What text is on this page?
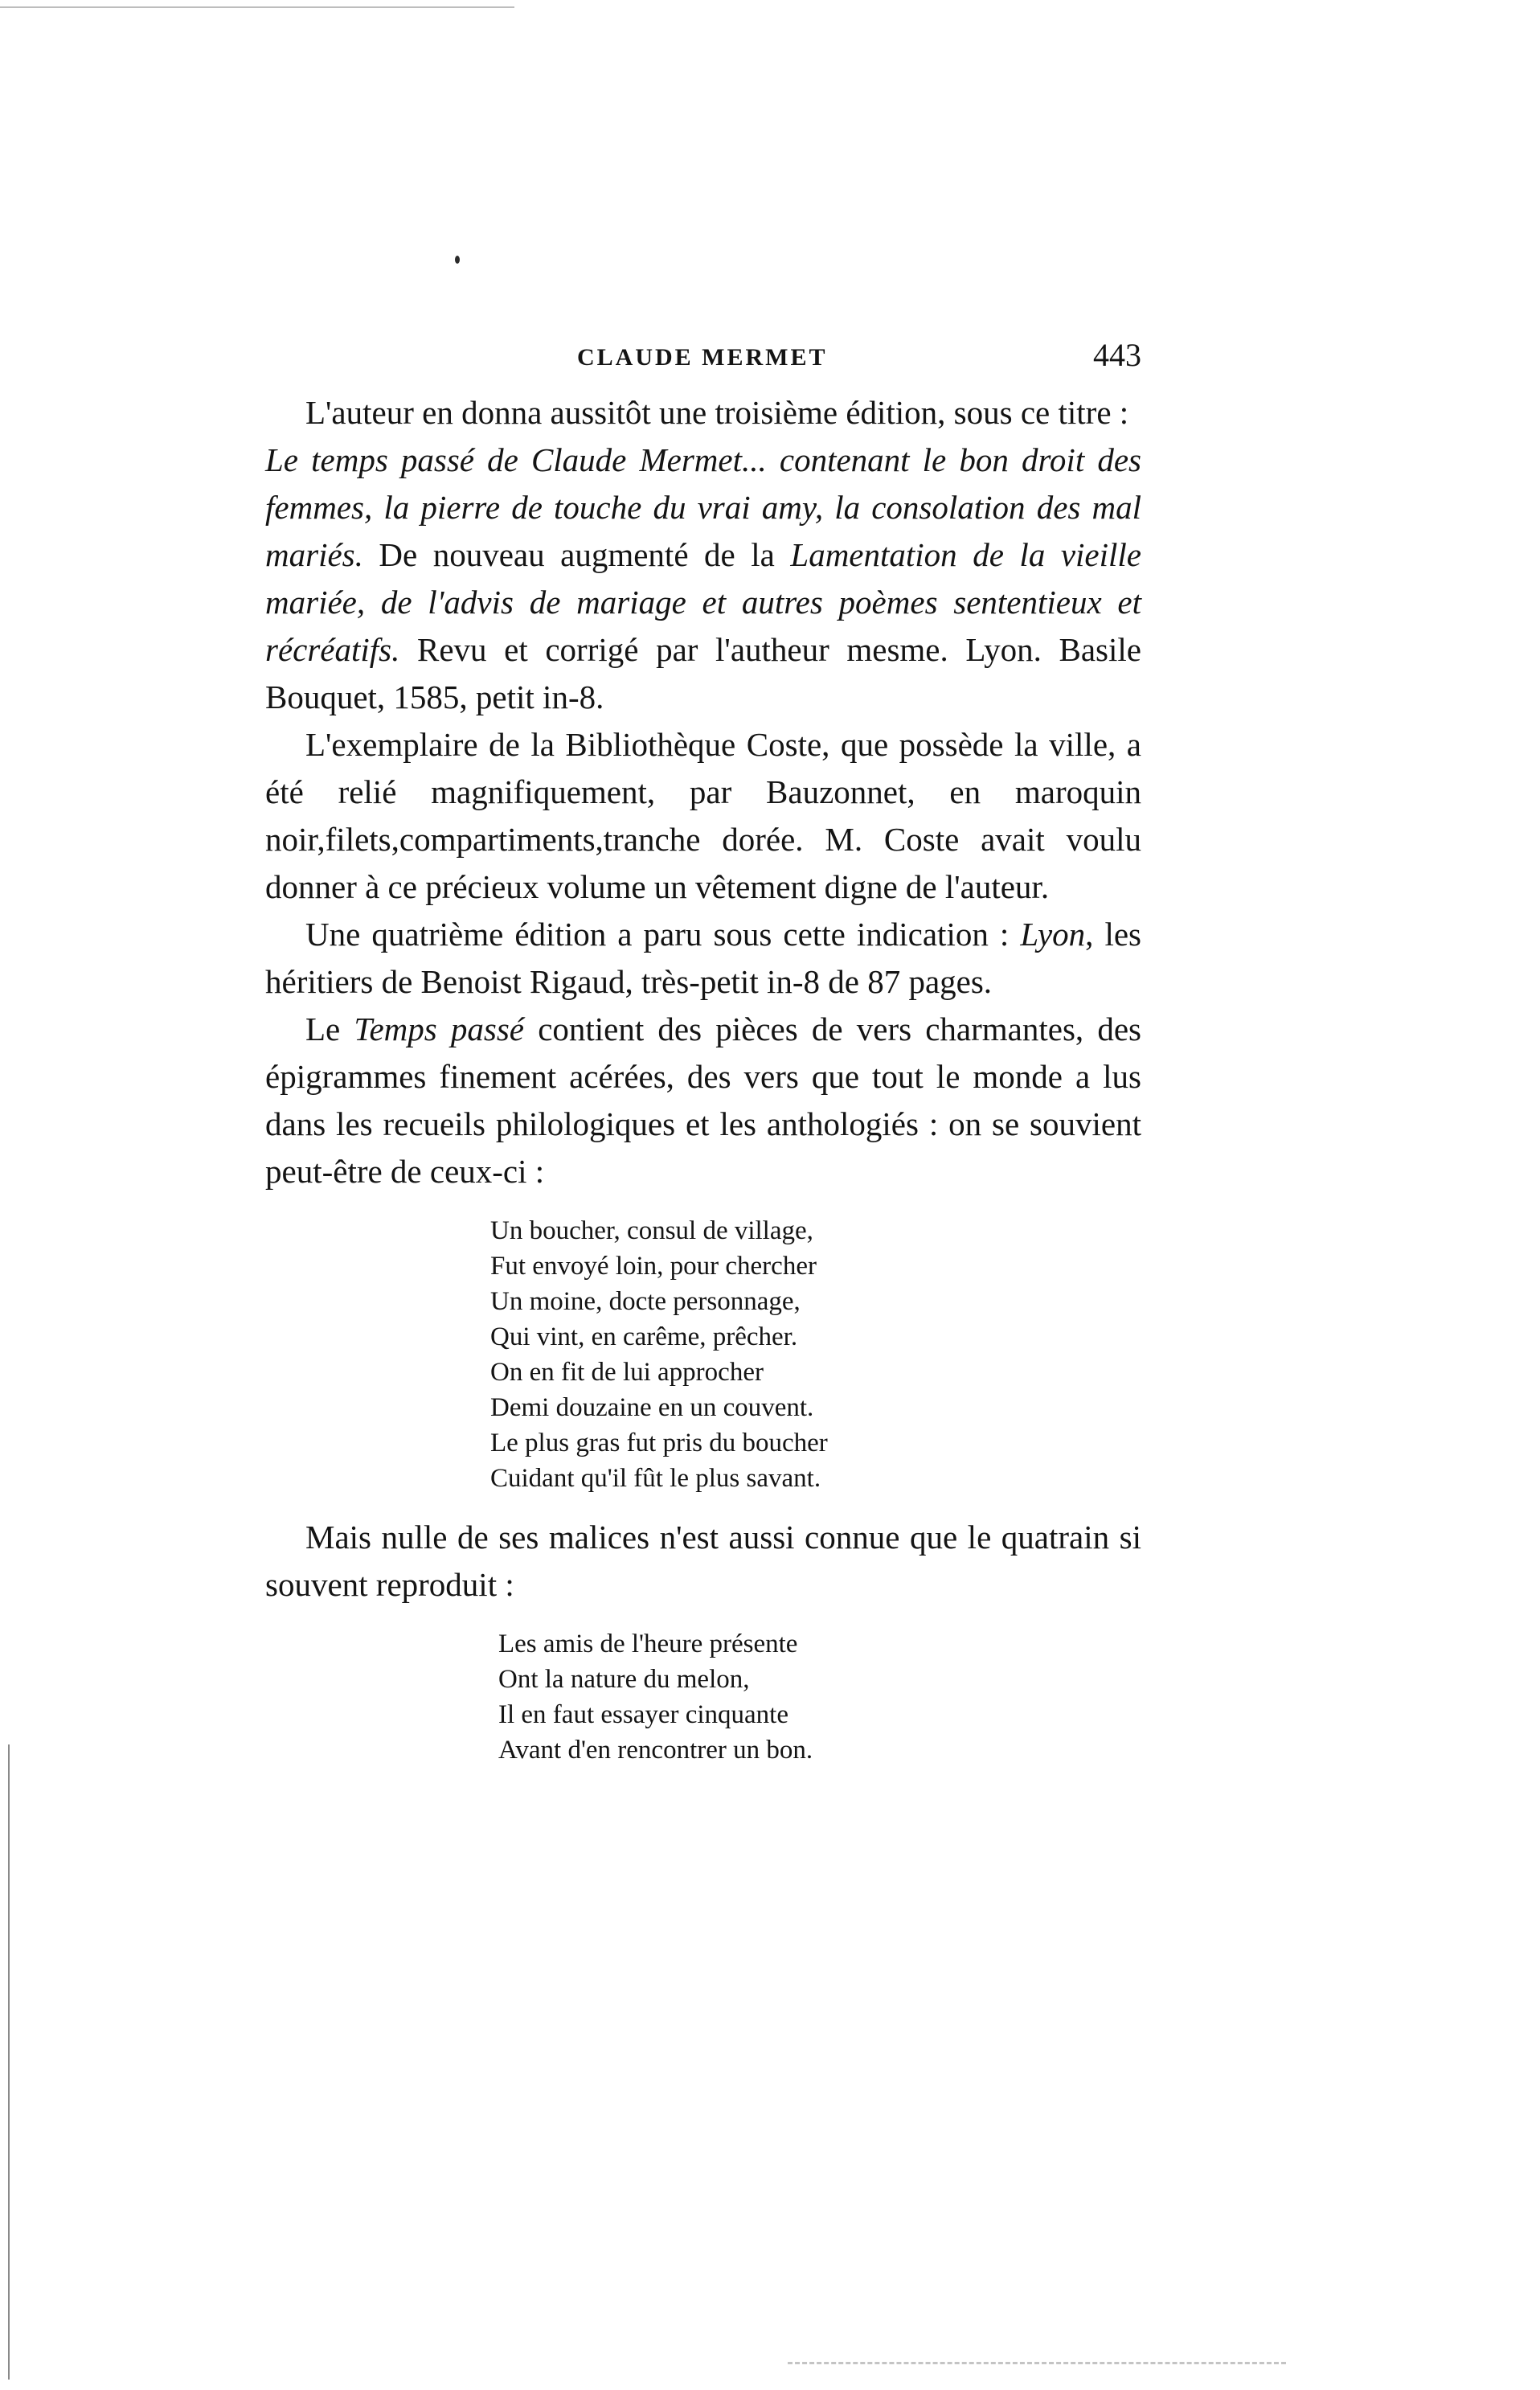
CLAUDE MERMET	443

L'auteur en donna aussitôt une troisième édition, sous ce titre :
Le temps passé de Claude Mermet... contenant le bon droit des femmes, la pierre de touche du vrai amy, la consolation des mal mariés. De nouveau augmenté de la Lamentation de la vieille mariée, de l'advis de mariage et autres poèmes sententieux et récréatifs. Revu et corrigé par l'autheur mesme. Lyon. Basile Bouquet, 1585, petit in-8.

L'exemplaire de la Bibliothèque Coste, que possède la ville, a été relié magnifiquement, par Bauzonnet, en maroquin noir,filets,compartiments,tranche dorée. M. Coste avait voulu donner à ce précieux volume un vêtement digne de l'auteur.

Une quatrième édition a paru sous cette indication : Lyon, les héritiers de Benoist Rigaud, très-petit in-8 de 87 pages.

Le Temps passé contient des pièces de vers charmantes, des épigrammes finement acérées, des vers que tout le monde a lus dans les recueils philologiques et les anthologiés : on se souvient peut-être de ceux-ci :

Un boucher, consul de village,
Fut envoyé loin, pour chercher
Un moine, docte personnage,
Qui vint, en carême, prêcher.
On en fit de lui approcher
Demi douzaine en un couvent.
Le plus gras fut pris du boucher
Cuidant qu'il fût le plus savant.

Mais nulle de ses malices n'est aussi connue que le quatrain si souvent reproduit :

Les amis de l'heure présente
Ont la nature du melon,
Il en faut essayer cinquante
Avant d'en rencontrer un bon.
